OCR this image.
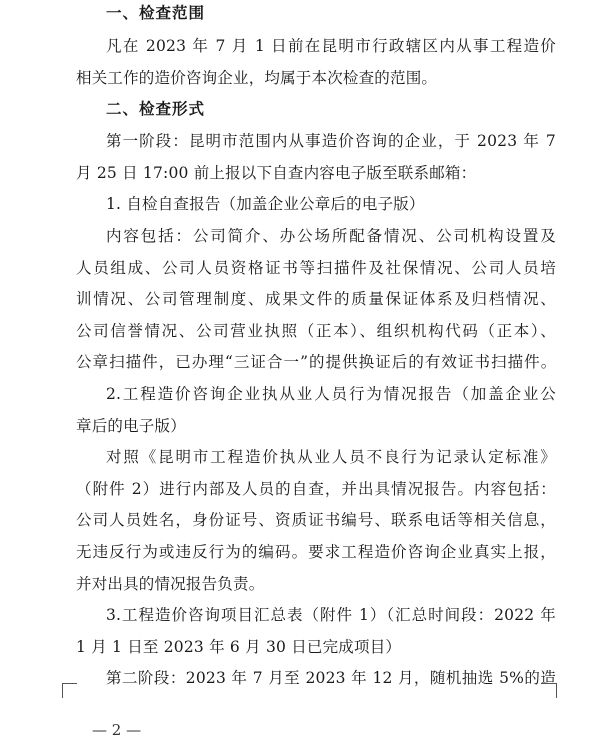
一、检查范围
凡在 2023 年 7 月 1 日前在昆明市行政辖区内从事工程造价
相关工作的造价咨询企业，均属于本次检查的范围。
二、检查形式
第一阶段：昆明市范围内从事造价咨询的企业，于 2023 年 7
月 25 日 17:00 前上报以下自查内容电子版至联系邮箱：
1. 自检自查报告（加盖企业公章后的电子版）
内容包括：公司简介、办公场所配备情况、公司机构设置及
人员组成、公司人员资格证书等扫描件及社保情况、公司人员培
训情况、公司管理制度、成果文件的质量保证体系及归档情况、
公司信誉情况、公司营业执照（正本）、组织机构代码（正本）、
公章扫描件，已办理“三证合一”的提供换证后的有效证书扫描件。
2.工程造价咨询企业执从业人员行为情况报告（加盖企业公
章后的电子版）
对照《昆明市工程造价执从业人员不良行为记录认定标准》
（附件 2）进行内部及人员的自查，并出具情况报告。内容包括：
公司人员姓名，身份证号、资质证书编号、联系电话等相关信息，
无违反行为或违反行为的编码。要求工程造价咨询企业真实上报，
并对出具的情况报告负责。
3.工程造价咨询项目汇总表（附件 1）（汇总时间段：2022 年
1 月 1 日至 2023 年 6 月 30 日已完成项目）
第二阶段：2023 年 7 月至 2023 年 12 月，随机抽选 5%的造
— 2 —
